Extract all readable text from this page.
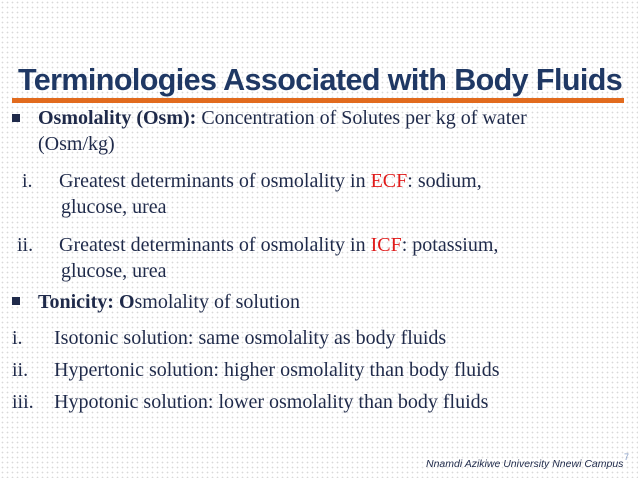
Terminologies Associated with Body Fluids
Osmolality (Osm): Concentration of Solutes per kg of water
(Osm/kg)
i. Greatest determinants of osmolality in ECF: sodium,
glucose, urea
ii. Greatest determinants of osmolality in ICF: potassium,
glucose, urea
Tonicity: Osmolality of solution
i. Isotonic solution: same osmolality as body fluids
ii. Hypertonic solution: higher osmolality than body fluids
iii. Hypotonic solution: lower osmolality than body fluids
Nnamdi Azikiwe University Nnewi Campus
7
